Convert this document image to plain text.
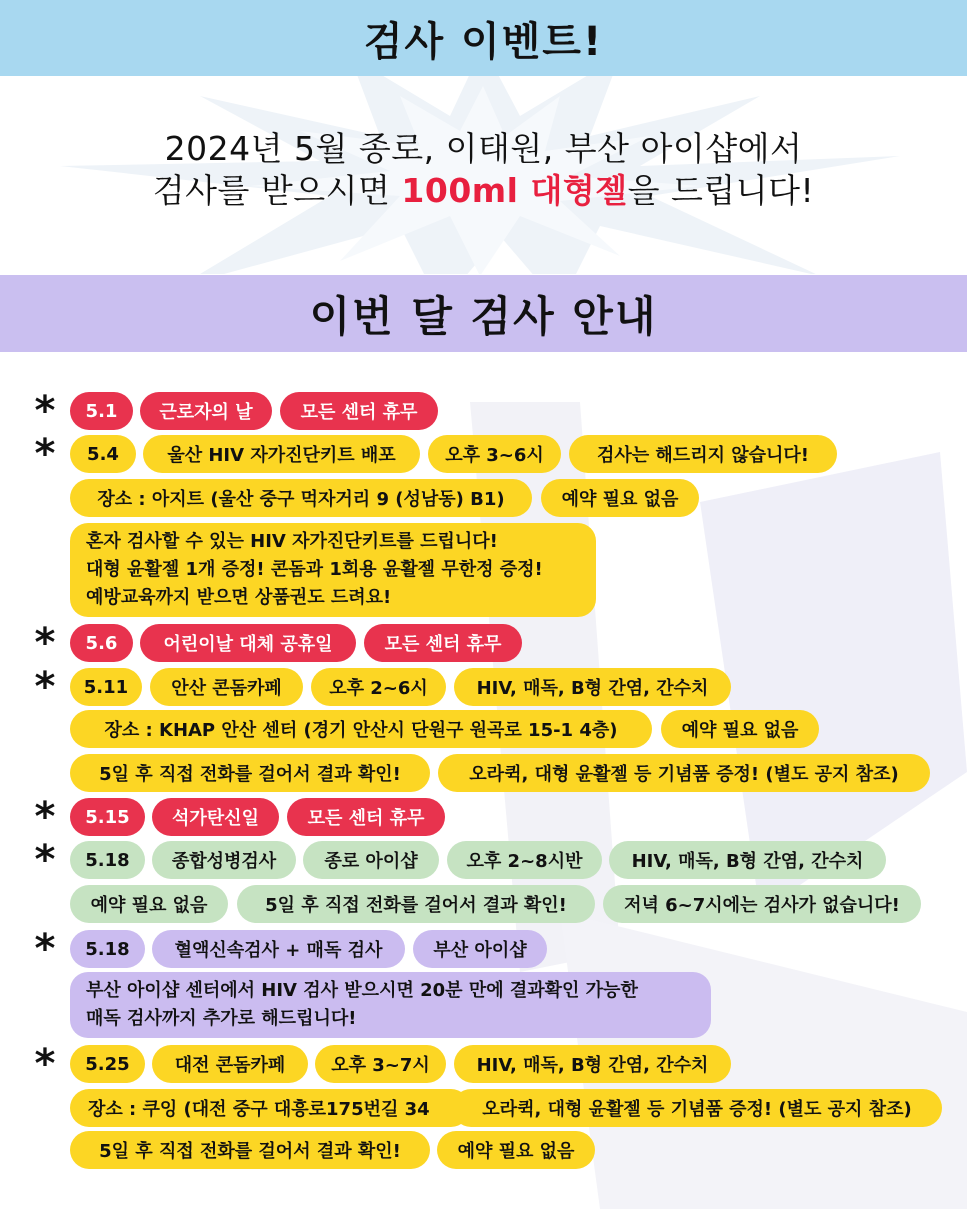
검사 이벤트!
2024년 5월 종로, 이태원, 부산 아이샵에서
검사를 받으시면 100ml 대형젤을 드립니다!
이번 달 검사 안내
*	5.1	근로자의 날	모든 센터 휴무
*	5.4	울산 HIV 자가진단키트 배포	오후 3~6시	검사는 해드리지 않습니다!
장소 : 아지트 (울산 중구 먹자거리 9 (성남동) B1)	예약 필요 없음
혼자 검사할 수 있는 HIV 자가진단키트를 드립니다!
대형 윤활젤 1개 증정! 콘돔과 1회용 윤활젤 무한정 증정!
예방교육까지 받으면 상품권도 드려요!
*	5.6	어린이날 대체 공휴일	모든 센터 휴무
*	5.11	안산 콘돔카페	오후 2~6시	HIV, 매독, B형 간염, 간수치
장소 : KHAP 안산 센터 (경기 안산시 단원구 원곡로 15-1 4층)	예약 필요 없음
5일 후 직접 전화를 걸어서 결과 확인!	오라퀵, 대형 윤활젤 등 기념품 증정! (별도 공지 참조)
*	5.15	석가탄신일	모든 센터 휴무
*	5.18	종합성병검사	종로 아이샵	오후 2~8시반	HIV, 매독, B형 간염, 간수치
예약 필요 없음	5일 후 직접 전화를 걸어서 결과 확인!	저녁 6~7시에는 검사가 없습니다!
*	5.18	혈액신속검사 + 매독 검사	부산 아이샵
부산 아이샵 센터에서 HIV 검사 받으시면 20분 만에 결과확인 가능한
매독 검사까지 추가로 해드립니다!
*	5.25	대전 콘돔카페	오후 3~7시	HIV, 매독, B형 간염, 간수치
장소 : 쿠잉 (대전 중구 대흥로175번길 34	오라퀵, 대형 윤활젤 등 기념품 증정! (별도 공지 참조)
5일 후 직접 전화를 걸어서 결과 확인!	예약 필요 없음
